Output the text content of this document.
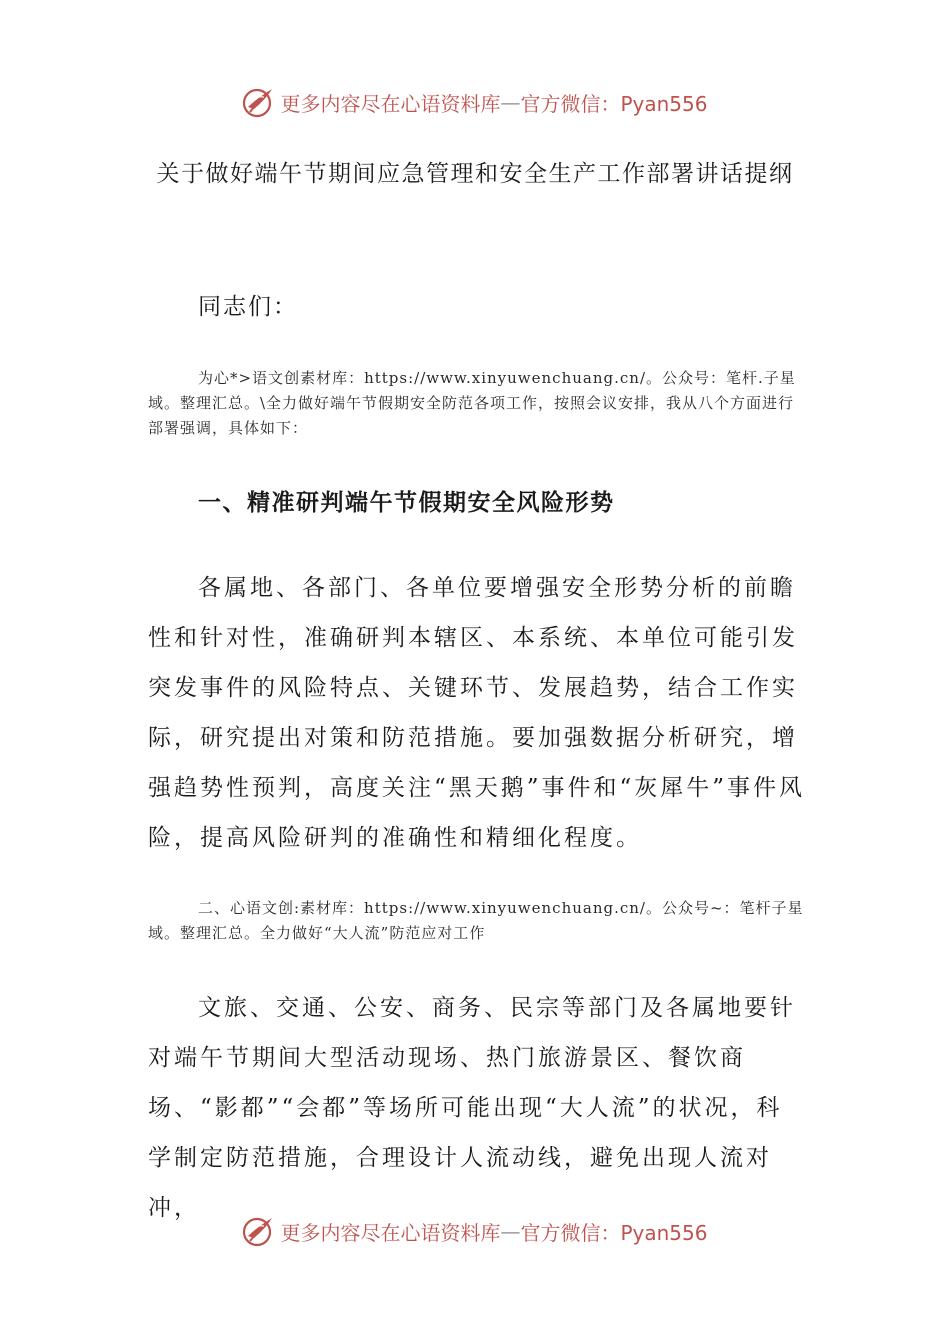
更多内容尽在心语资料库 — 官方微信：Pyan556
关于做好端午节期间应急管理和安全生产工作部署讲话提纲

同志们：

为心*>语文创素材库：https://www.xinyuwenchuang.cn/。公众号：笔杆.子星域。整理汇总。\全力做好端午节假期安全防范各项工作，按照会议安排，我从八个方面进行部署强调，具体如下：

一、精准研判端午节假期安全风险形势

各属地、各部门、各单位要增强安全形势分析的前瞻性和针对性，准确研判本辖区、本系统、本单位可能引发突发事件的风险特点、关键环节、发展趋势，结合工作实际，研究提出对策和防范措施。要加强数据分析研究，增强趋势性预判，高度关注“黑天鹅”事件和“灰犀牛”事件风险，提高风险研判的准确性和精细化程度。

二、心语文创:素材库：https://www.xinyuwenchuang.cn/。公众号~：笔杆子星域。整理汇总。全力做好“大人流”防范应对工作

文旅、交通、公安、商务、民宗等部门及各属地要针对端午节期间大型活动现场、热门旅游景区、餐饮商场、“影都”“会都”等场所可能出现“大人流”的状况，科学制定防范措施，合理设计人流动线，避免出现人流对冲，

更多内容尽在心语资料库 — 官方微信：Pyan556
